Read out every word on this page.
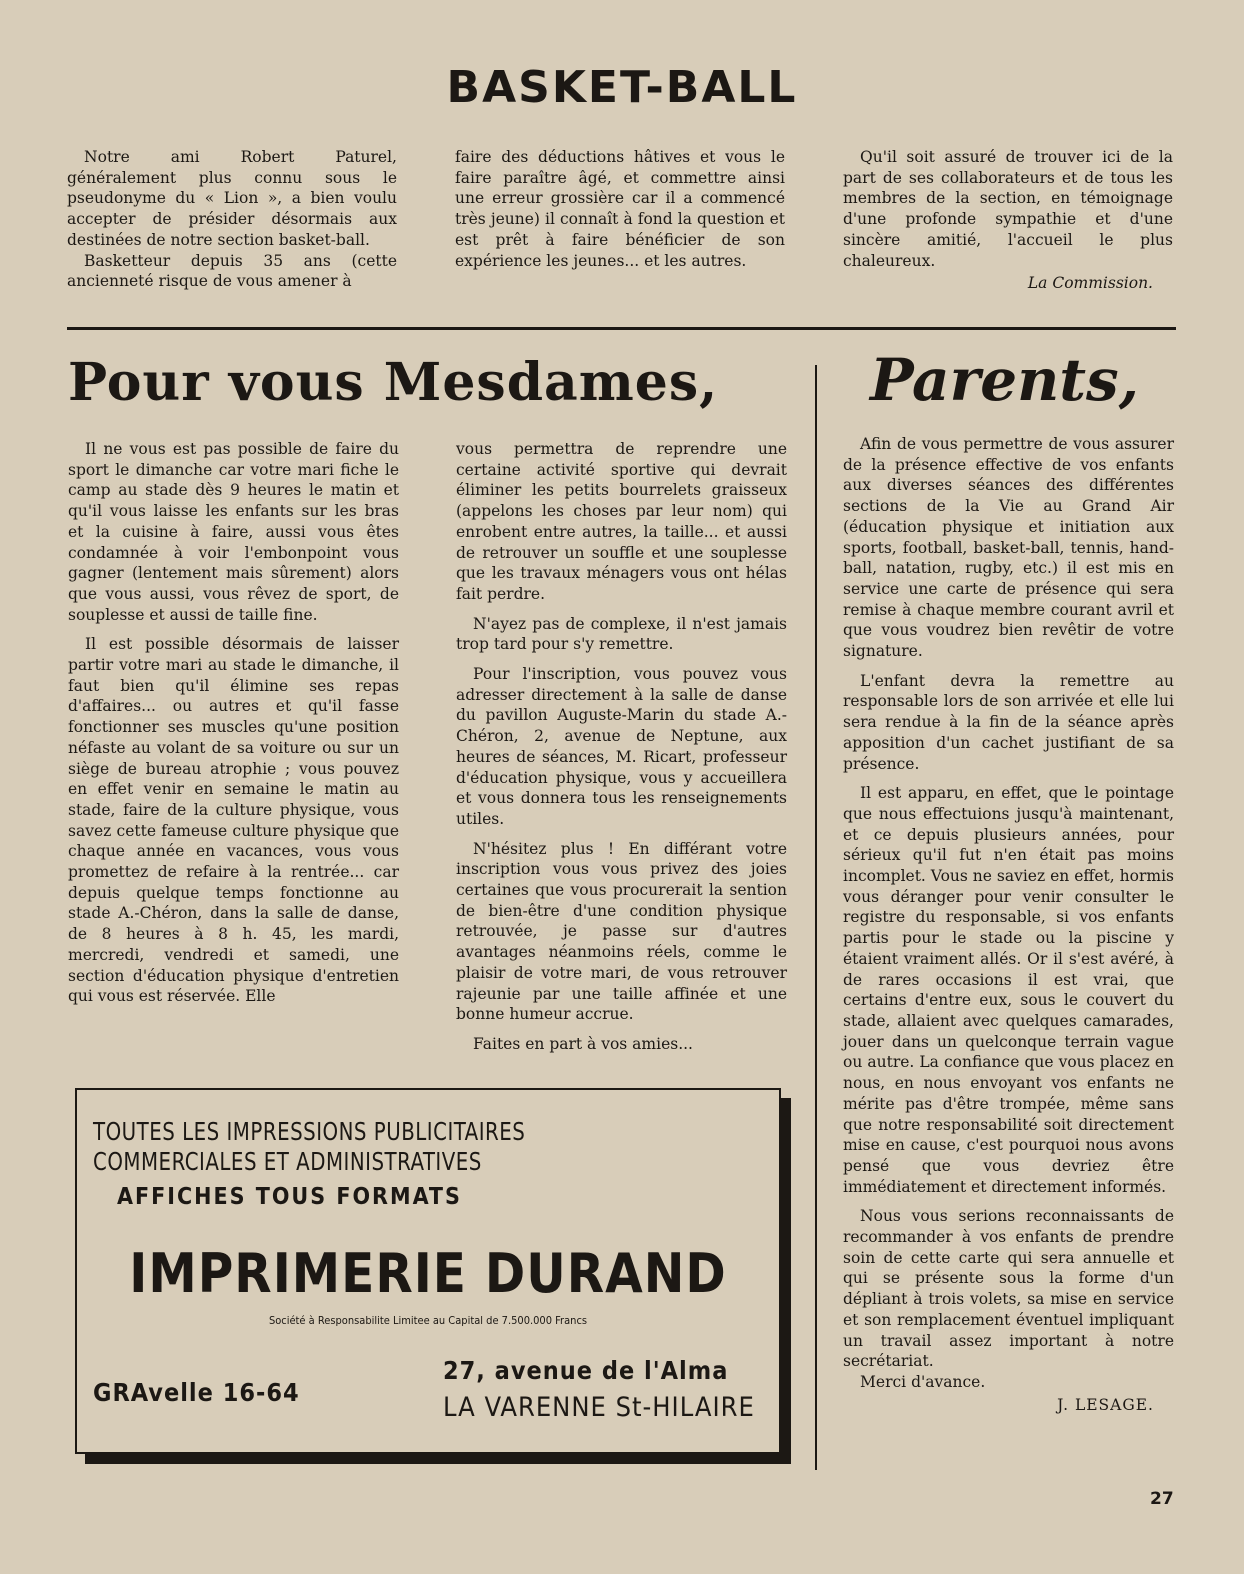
BASKET-BALL

Notre ami Robert Paturel, généralement plus connu sous le pseudonyme du « Lion », a bien voulu accepter de présider désormais aux destinées de notre section basket-ball.

Basketteur depuis 35 ans (cette ancienneté risque de vous amener à

faire des déductions hâtives et vous le faire paraître âgé, et commettre ainsi une erreur grossière car il a commencé très jeune) il connaît à fond la question et est prêt à faire bénéficier de son expérience les jeunes... et les autres.

Qu'il soit assuré de trouver ici de la part de ses collaborateurs et de tous les membres de la section, en témoignage d'une profonde sympathie et d'une sincère amitié, l'accueil le plus chaleureux.

La Commission.
Pour vous Mesdames,

Il ne vous est pas possible de faire du sport le dimanche car votre mari fiche le camp au stade dès 9 heures le matin et qu'il vous laisse les enfants sur les bras et la cuisine à faire, aussi vous êtes condamnée à voir l'embonpoint vous gagner (lentement mais sûrement) alors que vous aussi, vous rêvez de sport, de souplesse et aussi de taille fine.

Il est possible désormais de laisser partir votre mari au stade le dimanche, il faut bien qu'il élimine ses repas d'affaires... ou autres et qu'il fasse fonctionner ses muscles qu'une position néfaste au volant de sa voiture ou sur un siège de bureau atrophie ; vous pouvez en effet venir en semaine le matin au stade, faire de la culture physique, vous savez cette fameuse culture physique que chaque année en vacances, vous vous promettez de refaire à la rentrée... car depuis quelque temps fonctionne au stade A.-Chéron, dans la salle de danse, de 8 heures à 8 h. 45, les mardi, mercredi, vendredi et samedi, une section d'éducation physique d'entretien qui vous est réservée. Elle

vous permettra de reprendre une certaine activité sportive qui devrait éliminer les petits bourrelets graisseux (appelons les choses par leur nom) qui enrobent entre autres, la taille... et aussi de retrouver un souffle et une souplesse que les travaux ménagers vous ont hélas fait perdre.

N'ayez pas de complexe, il n'est jamais trop tard pour s'y remettre.

Pour l'inscription, vous pouvez vous adresser directement à la salle de danse du pavillon Auguste-Marin du stade A.-Chéron, 2, avenue de Neptune, aux heures de séances, M. Ricart, professeur d'éducation physique, vous y accueillera et vous donnera tous les renseignements utiles.

N'hésitez plus ! En différant votre inscription vous vous privez des joies certaines que vous procurerait la sention de bien-être d'une condition physique retrouvée, je passe sur d'autres avantages néanmoins réels, comme le plaisir de votre mari, de vous retrouver rajeunie par une taille affinée et une bonne humeur accrue.

Faites en part à vos amies...

Parents,

Afin de vous permettre de vous assurer de la présence effective de vos enfants aux diverses séances des différentes sections de la Vie au Grand Air (éducation physique et initiation aux sports, football, basket-ball, tennis, hand-ball, natation, rugby, etc.) il est mis en service une carte de présence qui sera remise à chaque membre courant avril et que vous voudrez bien revêtir de votre signature.

L'enfant devra la remettre au responsable lors de son arrivée et elle lui sera rendue à la fin de la séance après apposition d'un cachet justifiant de sa présence.

Il est apparu, en effet, que le pointage que nous effectuions jusqu'à maintenant, et ce depuis plusieurs années, pour sérieux qu'il fut n'en était pas moins incomplet. Vous ne saviez en effet, hormis vous déranger pour venir consulter le registre du responsable, si vos enfants partis pour le stade ou la piscine y étaient vraiment allés. Or il s'est avéré, à de rares occasions il est vrai, que certains d'entre eux, sous le couvert du stade, allaient avec quelques camarades, jouer dans un quelconque terrain vague ou autre. La confiance que vous placez en nous, en nous envoyant vos enfants ne mérite pas d'être trompée, même sans que notre responsabilité soit directement mise en cause, c'est pourquoi nous avons pensé que vous devriez être immédiatement et directement informés.

Nous vous serions reconnaissants de recommander à vos enfants de prendre soin de cette carte qui sera annuelle et qui se présente sous la forme d'un dépliant à trois volets, sa mise en service et son remplacement éventuel impliquant un travail assez important à notre secrétariat.

Merci d'avance.

J. LESAGE.
TOUTES LES IMPRESSIONS PUBLICITAIRES
COMMERCIALES ET ADMINISTRATIVES
AFFICHES TOUS FORMATS
IMPRIMERIE DURAND
Société à Responsabilite Limitee au Capital de 7.500.000 Francs
GRAvelle 16-64
27, avenue de l'Alma
LA VARENNE St-HILAIRE
27
